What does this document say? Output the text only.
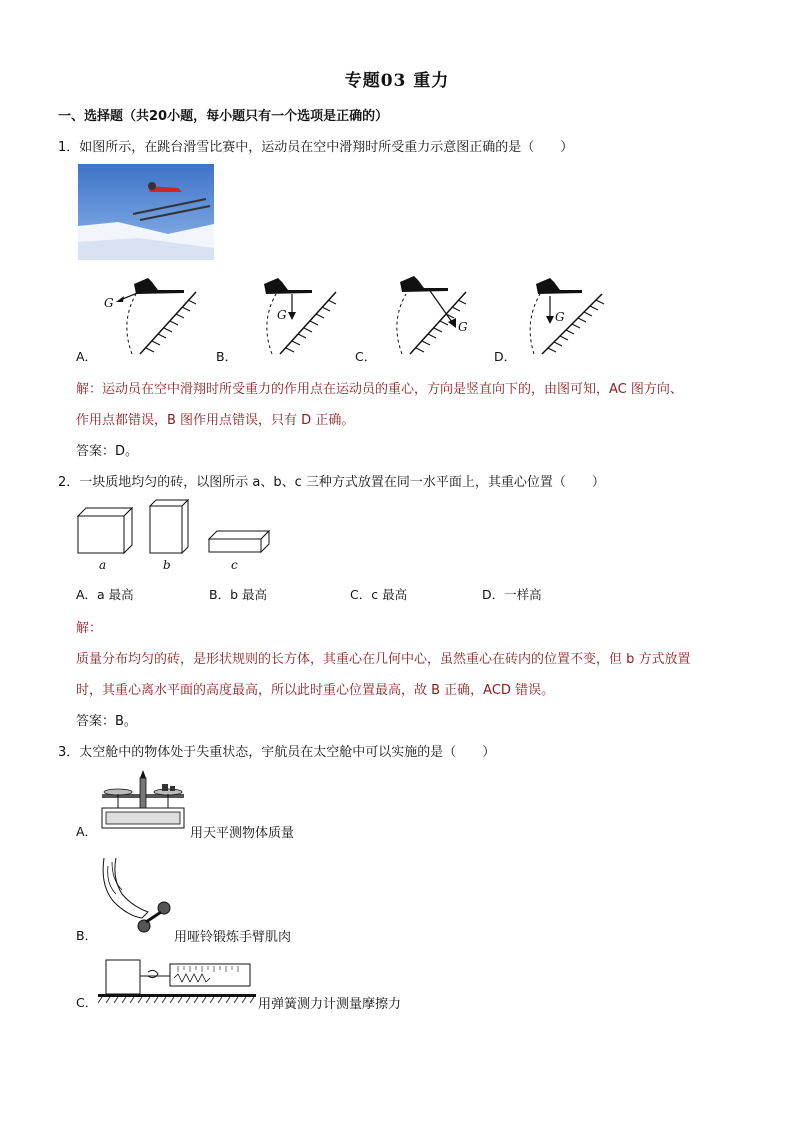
专题03 重力
一、选择题（共20小题，每小题只有一个选项是正确的）
1．如图所示，在跳台滑雪比赛中，运动员在空中滑翔时所受重力示意图正确的是（　　）
G
G
G
G
A．	B．	C．	D．
解：运动员在空中滑翔时所受重力的作用点在运动员的重心，方向是竖直向下的，由图可知，AC 图方向、
作用点都错误，B 图作用点错误，只有 D 正确。
答案：D。
2．一块质地均匀的砖，以图所示 a、b、c 三种方式放置在同一水平面上，其重心位置（　　）
a	b	c
A．a 最高	B．b 最高	C．c 最高	D．一样高
解：
质量分布均匀的砖，是形状规则的长方体，其重心在几何中心，虽然重心在砖内的位置不变，但 b 方式放置
时，其重心离水平面的高度最高，所以此时重心位置最高，故 B 正确，ACD 错误。
答案：B。
3．太空舱中的物体处于失重状态，宇航员在太空舱中可以实施的是（　　）
A．	用天平测物体质量
B．	用哑铃锻炼手臂肌肉
C．	用弹簧测力计测量摩擦力
